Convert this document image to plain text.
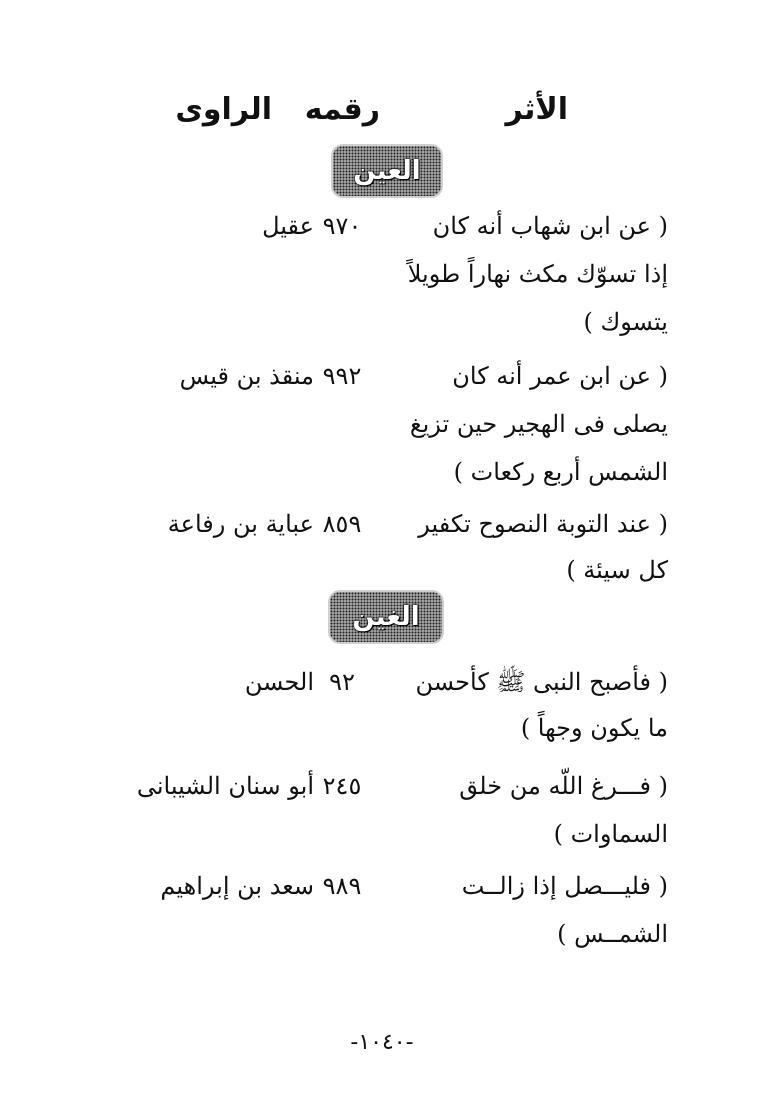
الأثر
رقمه
الراوى
العين
( عن ابن شهاب أنه كان
إذا تسوّك مكث نهاراً طويلاً
يتسوك )
٩٧٠
عقيل
( عن ابن عمر أنه كان
يصلى فى الهجير حين تزيغ
الشمس أربع ركعات )
٩٩٢
منقذ بن قيس
( عند التوبة النصوح تكفير
كل سيئة )
٨٥٩
عباية بن رفاعة
الغين
( فأصبح النبى ﷺ كأحسن
ما يكون وجهاً )
٩٢
الحسن
( فـــرغ اللّه من خلق
السماوات )
٢٤٥
أبو سنان الشيبانى
( فليـــصل إذا زالــت
الشمــس )
٩٨٩
سعد بن إبراهيم
-١٠٤٠-
